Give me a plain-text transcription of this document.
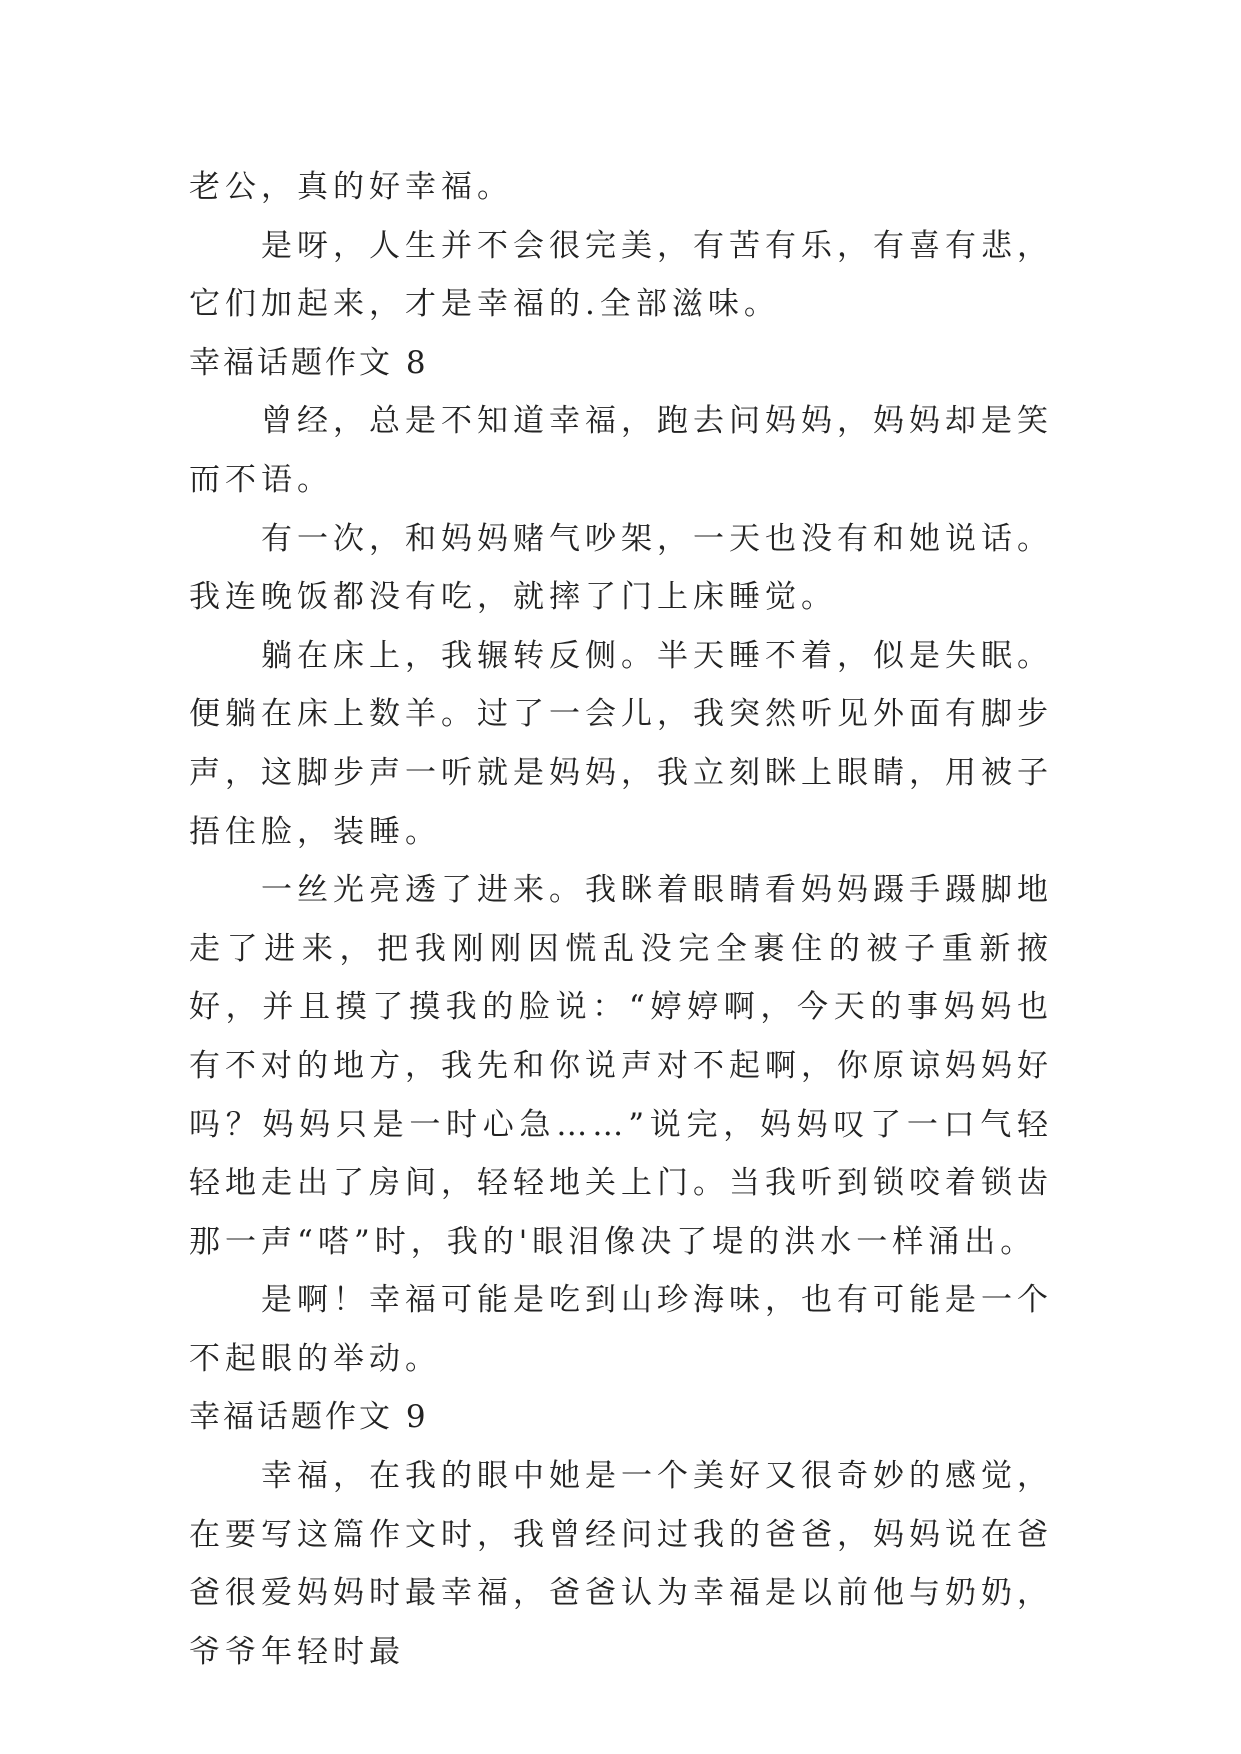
老公，真的好幸福。

是呀，人生并不会很完美，有苦有乐，有喜有悲，它们加起来，才是幸福的.全部滋味。

幸福话题作文 8

曾经，总是不知道幸福，跑去问妈妈，妈妈却是笑而不语。

有一次，和妈妈赌气吵架，一天也没有和她说话。我连晚饭都没有吃，就摔了门上床睡觉。

躺在床上，我辗转反侧。半天睡不着，似是失眠。便躺在床上数羊。过了一会儿，我突然听见外面有脚步声，这脚步声一听就是妈妈，我立刻眯上眼睛，用被子捂住脸，装睡。

一丝光亮透了进来。我眯着眼睛看妈妈蹑手蹑脚地走了进来，把我刚刚因慌乱没完全裹住的被子重新掖好，并且摸了摸我的脸说：“婷婷啊，今天的事妈妈也有不对的地方，我先和你说声对不起啊，你原谅妈妈好吗？妈妈只是一时心急……”说完，妈妈叹了一口气轻轻地走出了房间，轻轻地关上门。当我听到锁咬着锁齿那一声“嗒”时，我的'眼泪像决了堤的洪水一样涌出。

是啊！幸福可能是吃到山珍海味，也有可能是一个不起眼的举动。

幸福话题作文 9

幸福，在我的眼中她是一个美好又很奇妙的感觉，在要写这篇作文时，我曾经问过我的爸爸，妈妈说在爸爸很爱妈妈时最幸福，爸爸认为幸福是以前他与奶奶，爷爷年轻时最
